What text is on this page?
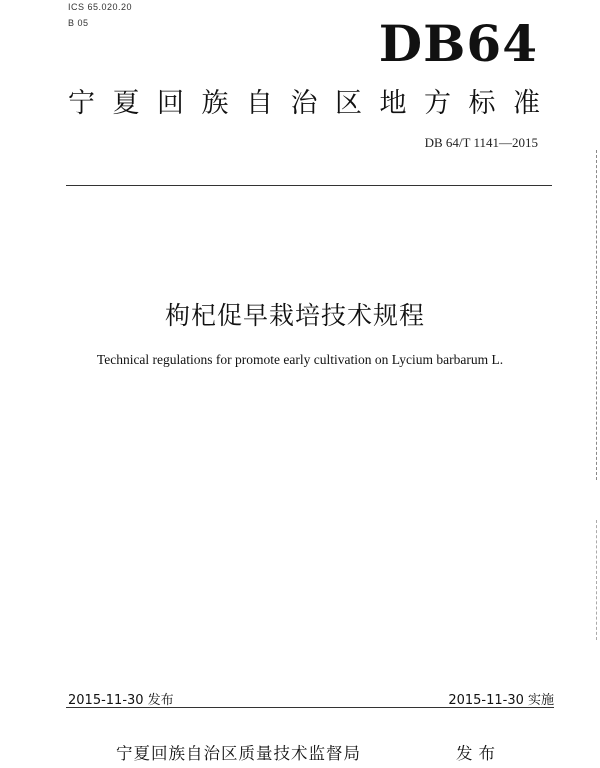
ICS 65.020.20
B 05	DB64
宁 夏 回 族 自 治 区 地 方 标 准
DB 64/T 1141—2015
枸杞促早栽培技术规程
Technical regulations for promote early cultivation on Lycium barbarum L.
2015-11-30 发布	2015-11-30 实施
宁夏回族自治区质量技术监督局	发布
